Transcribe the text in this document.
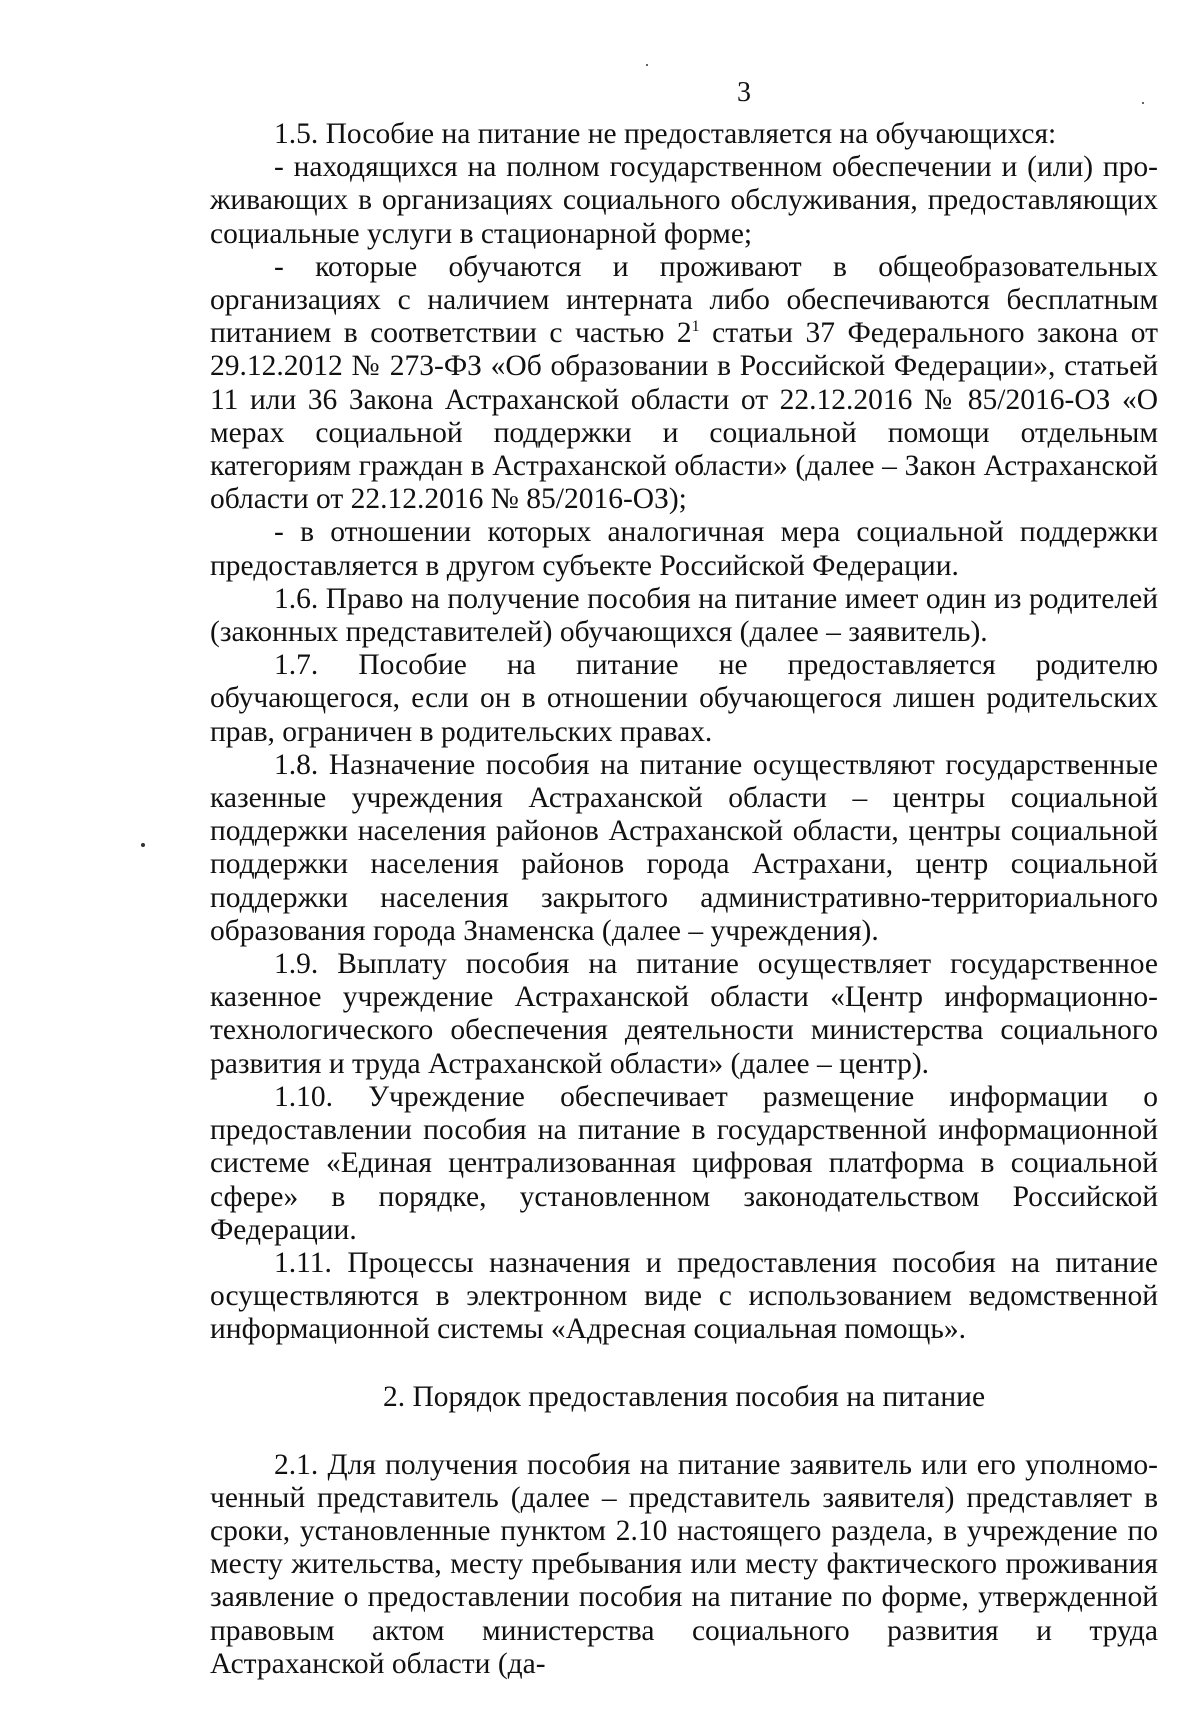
3

1.5. Пособие на питание не предоставляется на обучающихся:

- находящихся на полном государственном обеспечении и (или) проживающих в организациях социального обслуживания, предоставляющих социальные услуги в стационарной форме;

- которые обучаются и проживают в общеобразовательных организациях с наличием интерната либо обеспечиваются бесплатным питанием в соответствии с частью $2^1$ статьи 37 Федерального закона от 29.12.2012 № 273-ФЗ «Об образовании в Российской Федерации», статьей 11 или 36 Закона Астраханской области от 22.12.2016 № 85/2016-ОЗ «О мерах социальной поддержки и социальной помощи отдельным категориям граждан в Астраханской области» (далее – Закон Астраханской области от 22.12.2016 № 85/2016-ОЗ);

- в отношении которых аналогичная мера социальной поддержки предоставляется в другом субъекте Российской Федерации.

1.6. Право на получение пособия на питание имеет один из родителей (законных представителей) обучающихся (далее – заявитель).

1.7. Пособие на питание не предоставляется родителю обучающегося, если он в отношении обучающегося лишен родительских прав, ограничен в родительских правах.

1.8. Назначение пособия на питание осуществляют государственные казенные учреждения Астраханской области – центры социальной поддержки населения районов Астраханской области, центры социальной поддержки населения районов города Астрахани, центр социальной поддержки населения закрытого административно-территориального образования города Знаменска (далее – учреждения).

1.9. Выплату пособия на питание осуществляет государственное казенное учреждение Астраханской области «Центр информационно-технологического обеспечения деятельности министерства социального развития и труда Астраханской области» (далее – центр).

1.10. Учреждение обеспечивает размещение информации о предоставлении пособия на питание в государственной информационной системе «Единая централизованная цифровая платформа в социальной сфере» в порядке, установленном законодательством Российской Федерации.

1.11. Процессы назначения и предоставления пособия на питание осуществляются в электронном виде с использованием ведомственной информационной системы «Адресная социальная помощь».

2. Порядок предоставления пособия на питание

2.1. Для получения пособия на питание заявитель или его уполномоченный представитель (далее – представитель заявителя) представляет в сроки, установленные пунктом 2.10 настоящего раздела, в учреждение по месту жительства, месту пребывания или месту фактического проживания заявление о предоставлении пособия на питание по форме, утвержденной правовым актом министерства социального развития и труда Астраханской области (да-
